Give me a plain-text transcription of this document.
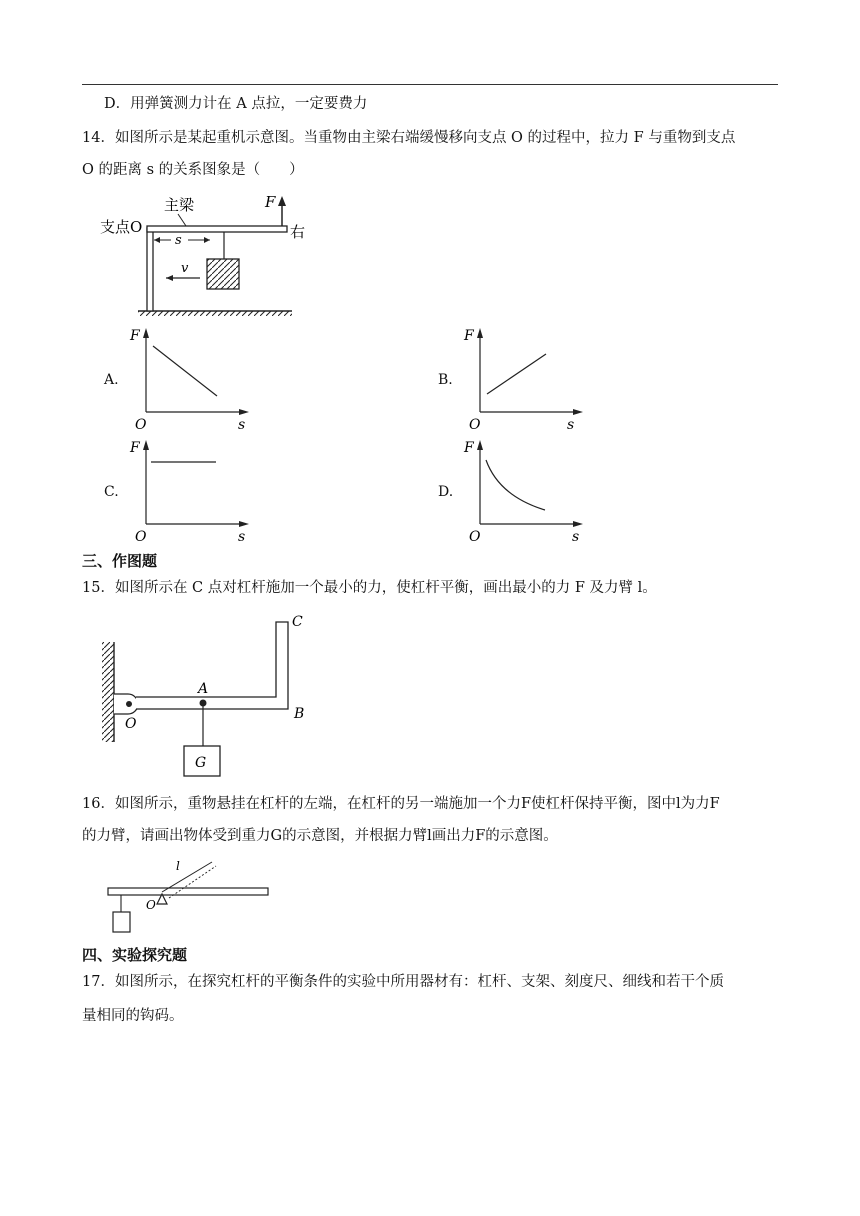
D．用弹簧测力计在 A 点拉，一定要费力
14．如图所示是某起重机示意图。当重物由主梁右端缓慢移向支点 O 的过程中，拉力 F 与重物到支点
O 的距离 s 的关系图象是（　　）
F
右
主梁
支点O
s
v
A.
F
O	s
B.
F
O	s
C.
F
O	s
D.
F
O	s
三、作图题
15．如图所示在 C 点对杠杆施加一个最小的力，使杠杆平衡，画出最小的力 F 及力臂 l。
G
A
O
B
C
16．如图所示，重物悬挂在杠杆的左端，在杠杆的另一端施加一个力F使杠杆保持平衡，图中l为力F
的力臂，请画出物体受到重力G的示意图，并根据力臂l画出力F的示意图。
O
l
四、实验探究题
17．如图所示，在探究杠杆的平衡条件的实验中所用器材有：杠杆、支架、刻度尺、细线和若干个质
量相同的钩码。
